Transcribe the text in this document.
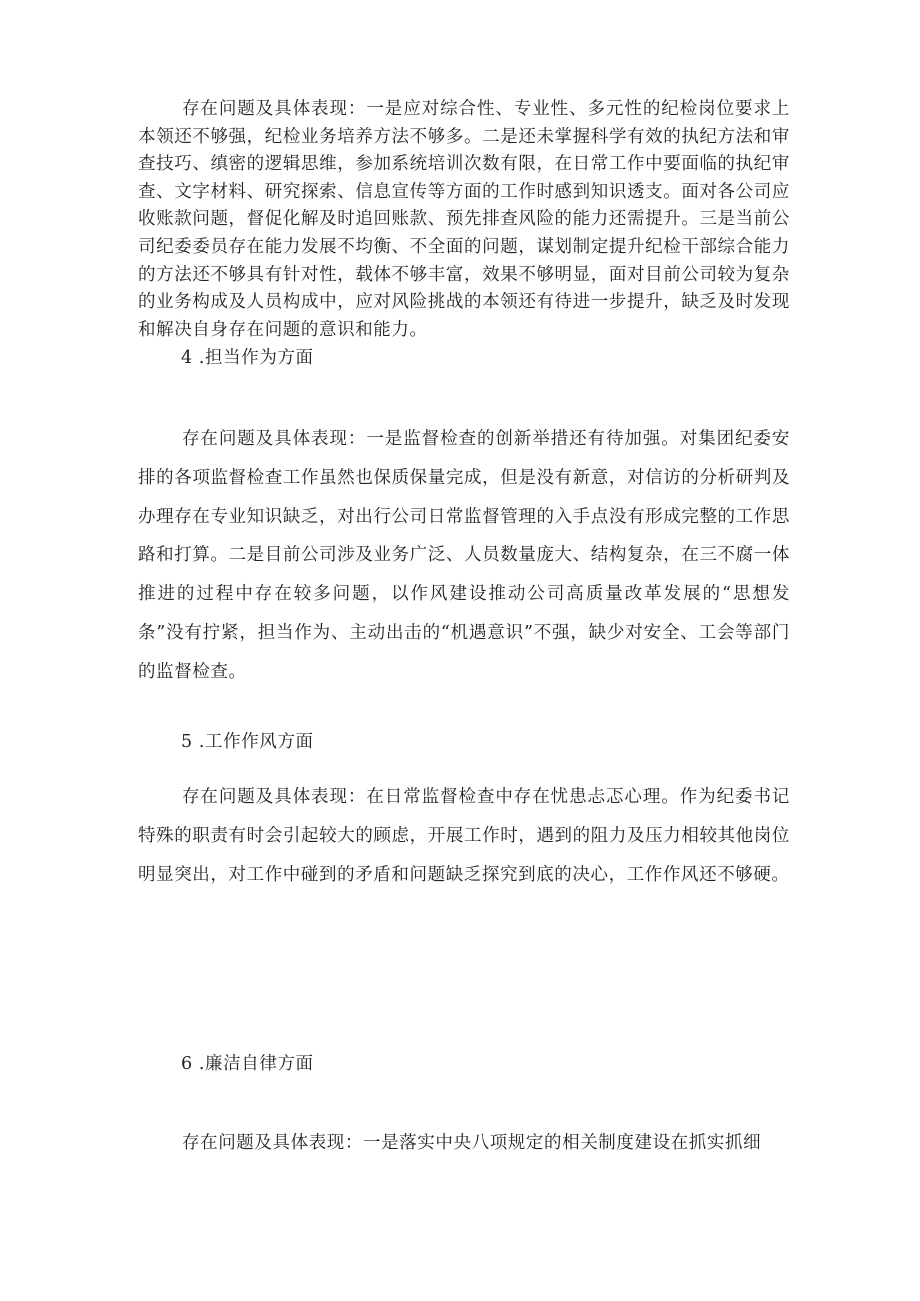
存在问题及具体表现：一是应对综合性、专业性、多元性的纪检岗位要求上本领还不够强，纪检业务培养方法不够多。二是还未掌握科学有效的执纪方法和审查技巧、缜密的逻辑思维，参加系统培训次数有限，在日常工作中要面临的执纪审查、文字材料、研究探索、信息宣传等方面的工作时感到知识透支。面对各公司应收账款问题，督促化解及时追回账款、预先排查风险的能力还需提升。三是当前公司纪委委员存在能力发展不均衡、不全面的问题，谋划制定提升纪检干部综合能力的方法还不够具有针对性，载体不够丰富，效果不够明显，面对目前公司较为复杂的业务构成及人员构成中，应对风险挑战的本领还有待进一步提升，缺乏及时发现和解决自身存在问题的意识和能力。

4 .担当作为方面

存在问题及具体表现：一是监督检查的创新举措还有待加强。对集团纪委安排的各项监督检查工作虽然也保质保量完成，但是没有新意，对信访的分析研判及办理存在专业知识缺乏，对出行公司日常监督管理的入手点没有形成完整的工作思路和打算。二是目前公司涉及业务广泛、人员数量庞大、结构复杂，在三不腐一体推进的过程中存在较多问题，以作风建设推动公司高质量改革发展的“思想发条”没有拧紧，担当作为、主动出击的“机遇意识”不强，缺少对安全、工会等部门的监督检查。

5 .工作作风方面

存在问题及具体表现：在日常监督检查中存在忧患忐忑心理。作为纪委书记特殊的职责有时会引起较大的顾虑，开展工作时，遇到的阻力及压力相较其他岗位明显突出，对工作中碰到的矛盾和问题缺乏探究到底的决心，工作作风还不够硬。

6 .廉洁自律方面

存在问题及具体表现：一是落实中央八项规定的相关制度建设在抓实抓细
